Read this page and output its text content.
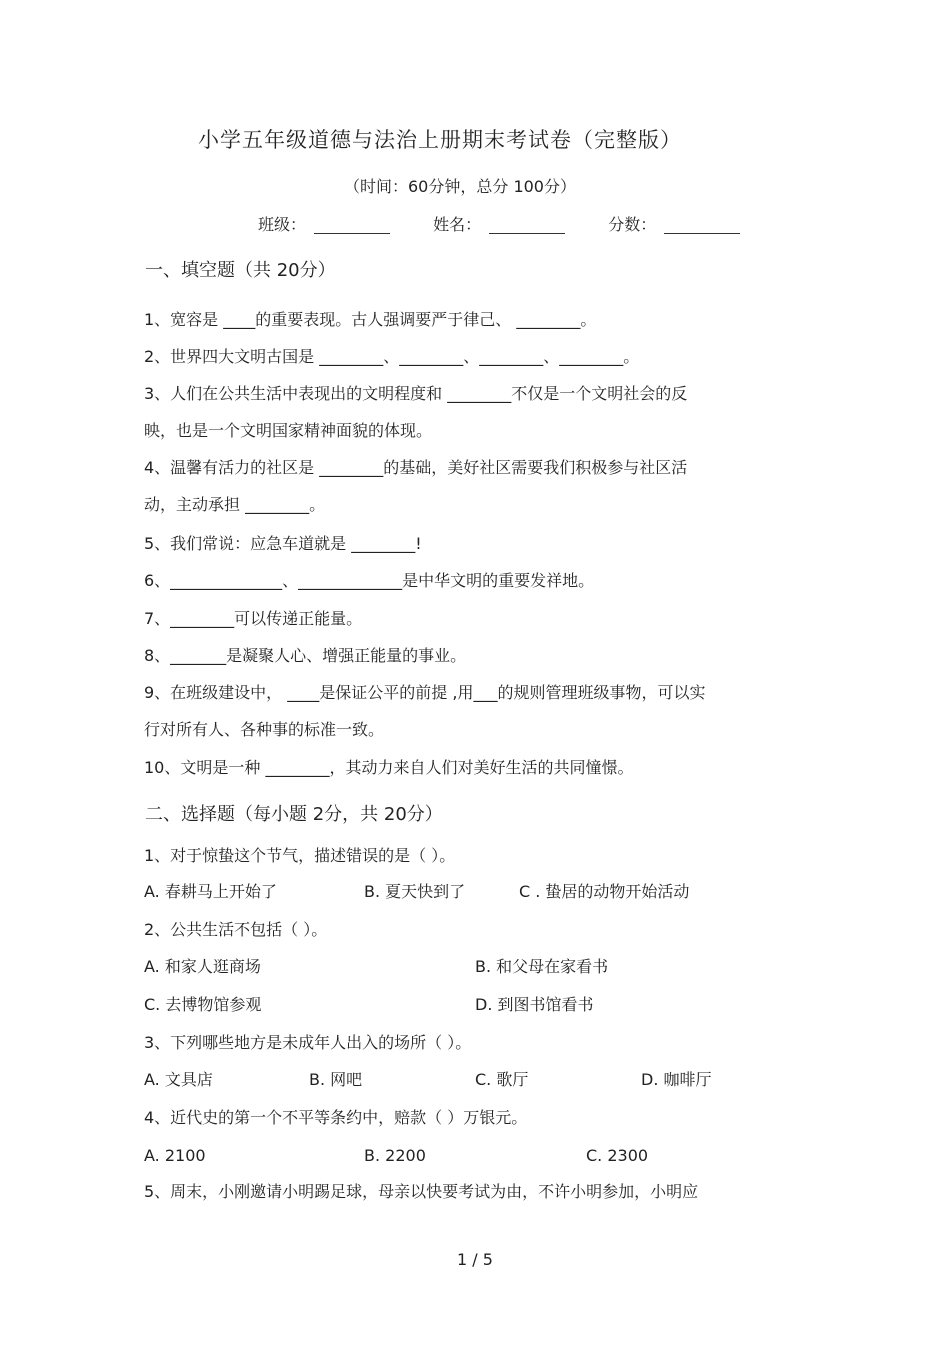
小学五年级道德与法治上册期末考试卷（完整版）
（时间：60分钟，总分 100分）
班级：	姓名：	分数：
一、填空题（共 20分）
1、宽容是 ____的重要表现。古人强调要严于律己、 ________。
2、世界四大文明古国是 ________、________、________、________。
3、人们在公共生活中表现出的文明程度和 ________不仅是一个文明社会的反
映，也是一个文明国家精神面貌的体现。
4、温馨有活力的社区是 ________的基础，美好社区需要我们积极参与社区活
动，主动承担 ________。
5、我们常说：应急车道就是 ________!
6、______________、_____________是中华文明的重要发祥地。
7、________可以传递正能量。
8、_______是凝聚人心、增强正能量的事业。
9、在班级建设中， ____是保证公平的前提 ,用___的规则管理班级事物，可以实
行对所有人、各种事的标准一致。
10、文明是一种 ________，其动力来自人们对美好生活的共同憧憬。
二、选择题（每小题 2分，共 20分）
1、对于惊蛰这个节气，描述错误的是（ ）。
A. 春耕马上开始了	B. 夏天快到了	C . 蛰居的动物开始活动
2、公共生活不包括（ ）。
A. 和家人逛商场	B. 和父母在家看书
C. 去博物馆参观	D. 到图书馆看书
3、下列哪些地方是未成年人出入的场所（ ）。
A. 文具店	B. 网吧	C. 歌厅	D. 咖啡厅
4、近代史的第一个不平等条约中，赔款（ ）万银元。
A. 2100	B. 2200	C. 2300
5、周末，小刚邀请小明踢足球，母亲以快要考试为由，不许小明参加，小明应
1 / 5
